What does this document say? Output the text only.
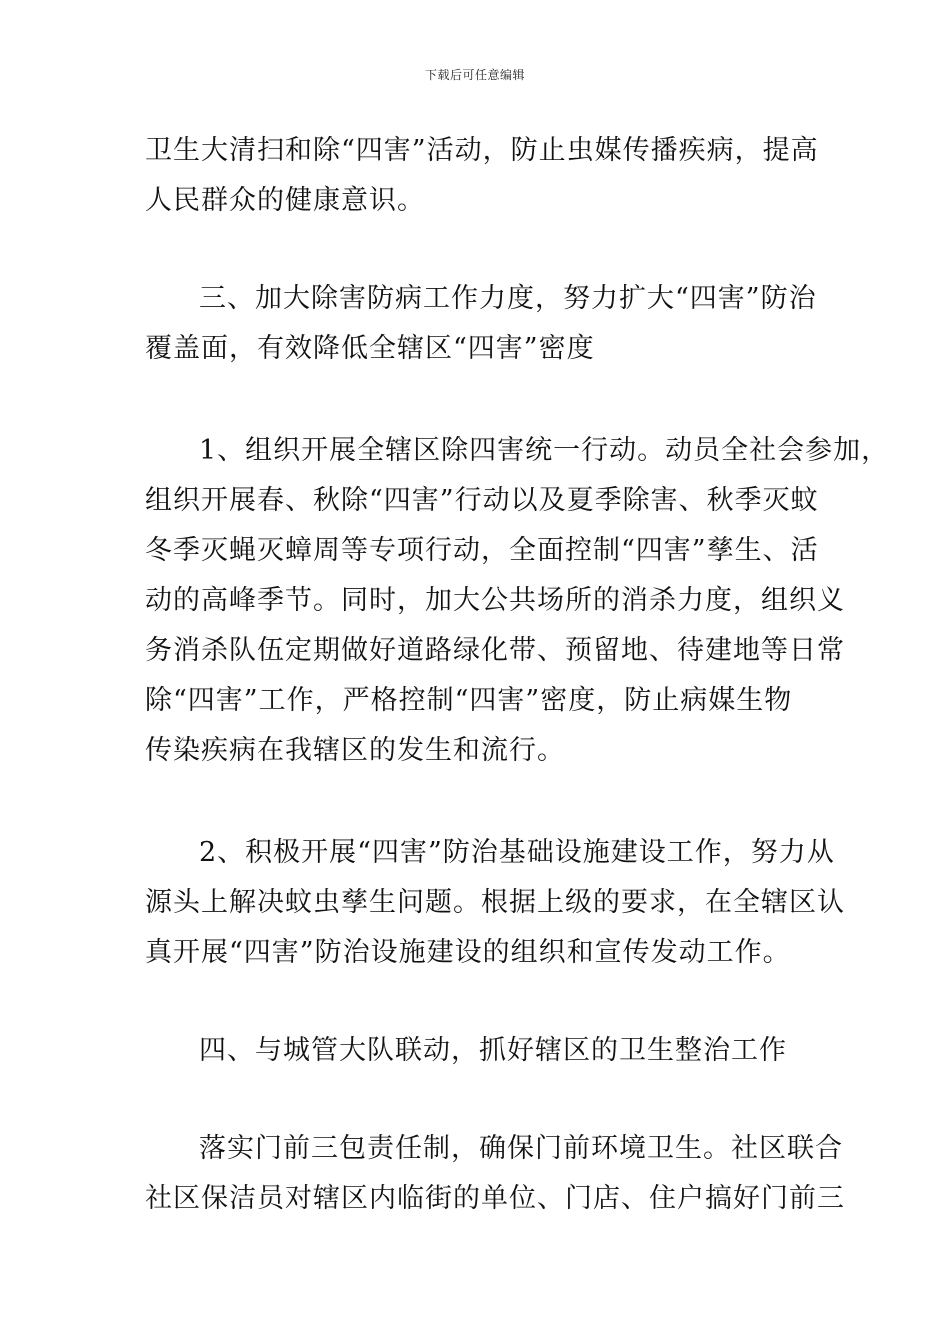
下载后可任意编辑
卫生大清扫和除“四害”活动，防止虫媒传播疾病，提高
人民群众的健康意识。
三、加大除害防病工作力度，努力扩大“四害”防治
覆盖面，有效降低全辖区“四害”密度
1、组织开展全辖区除四害统一行动。动员全社会参加，
组织开展春、秋除“四害”行动以及夏季除害、秋季灭蚊
冬季灭蝇灭蟑周等专项行动，全面控制“四害”孳生、活
动的高峰季节。同时，加大公共场所的消杀力度，组织义
务消杀队伍定期做好道路绿化带、预留地、待建地等日常
除“四害”工作，严格控制“四害”密度，防止病媒生物
传染疾病在我辖区的发生和流行。
2、积极开展“四害”防治基础设施建设工作，努力从
源头上解决蚊虫孳生问题。根据上级的要求，在全辖区认
真开展“四害”防治设施建设的组织和宣传发动工作。
四、与城管大队联动，抓好辖区的卫生整治工作
落实门前三包责任制，确保门前环境卫生。社区联合
社区保洁员对辖区内临街的单位、门店、住户搞好门前三
